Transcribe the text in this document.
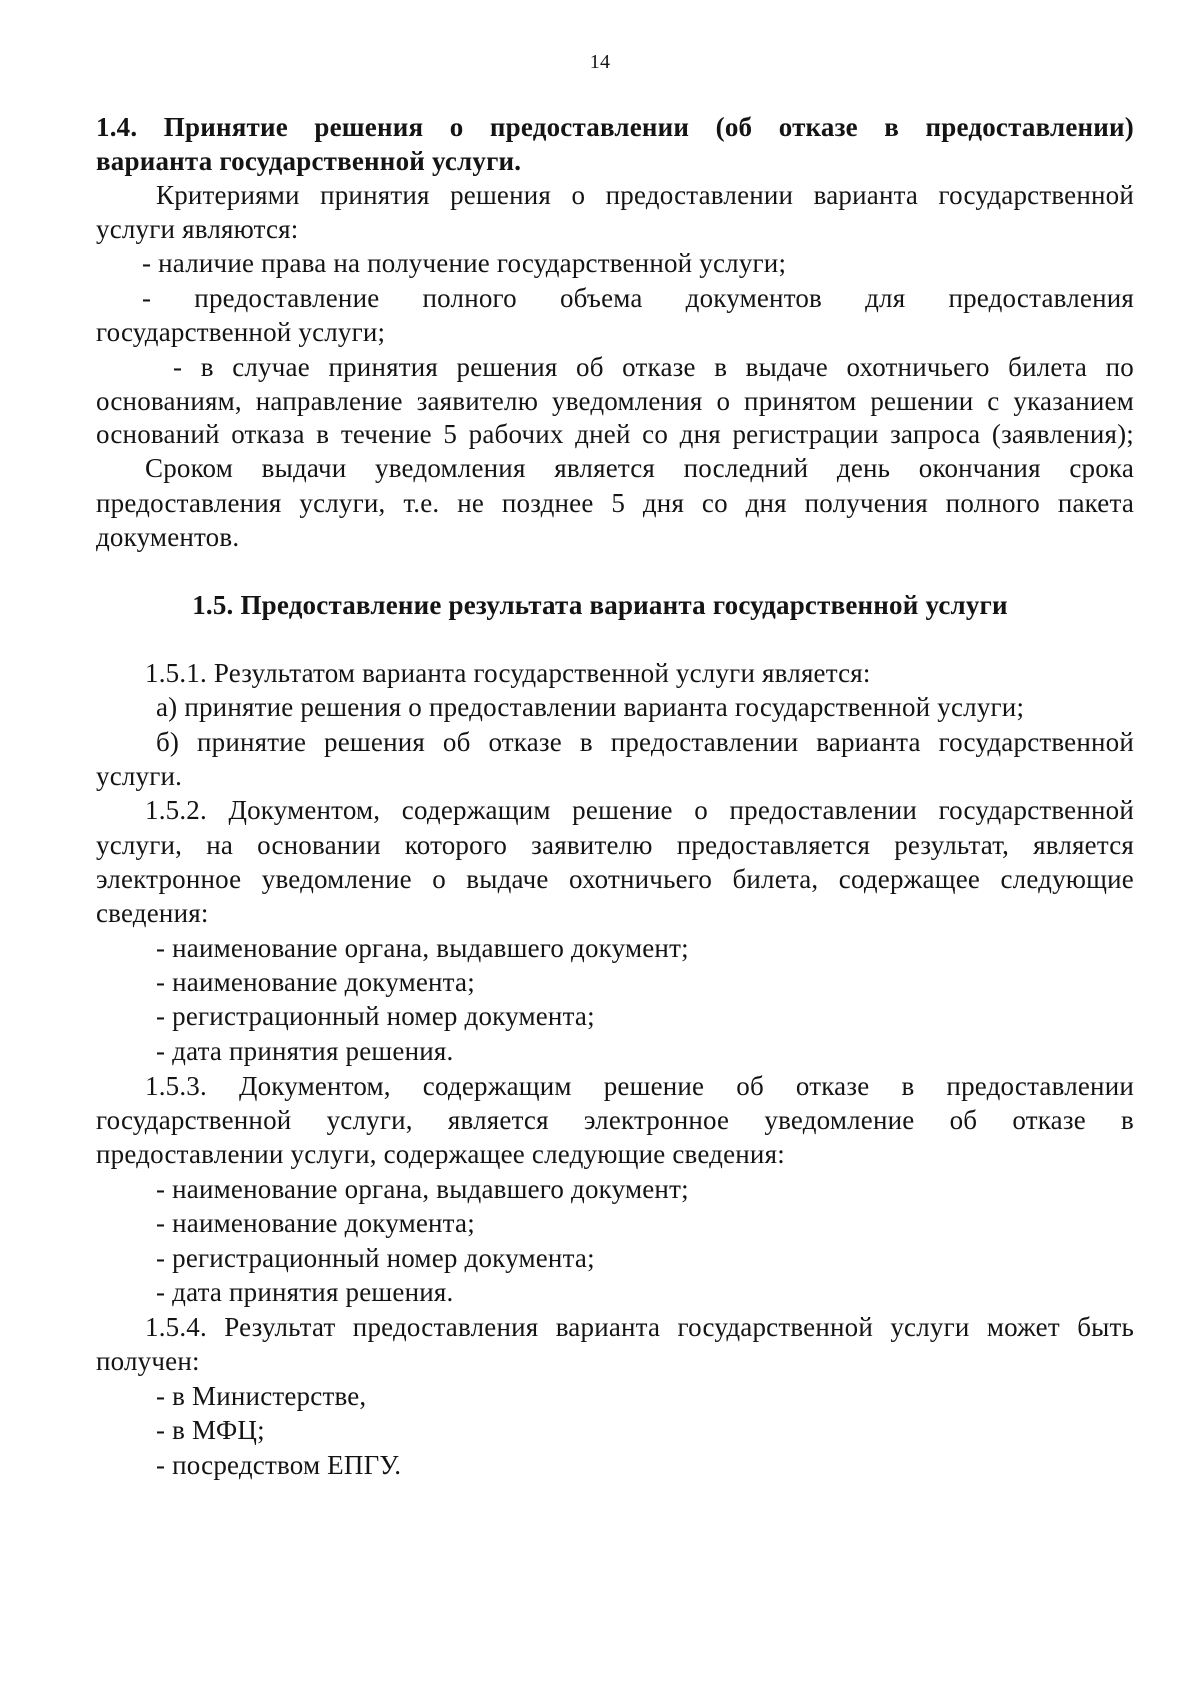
14

1.4. Принятие решения о предоставлении (об отказе в предоставлении)

варианта государственной услуги.

Критериями принятия решения о предоставлении варианта государственной

услуги являются:

- наличие права на получение государственной услуги;

- предоставление полного объема документов для предоставления

государственной услуги;

- в случае принятия решения об отказе в выдаче охотничьего билета по

основаниям, направление заявителю уведомления о принятом решении с указанием

оснований отказа в течение 5 рабочих дней со дня регистрации запроса (заявления);

Сроком выдачи уведомления является последний день окончания срока

предоставления услуги, т.е. не позднее 5 дня со дня получения полного пакета

документов.

1.5. Предоставление результата варианта государственной услуги

1.5.1. Результатом варианта государственной услуги является:

а) принятие решения о предоставлении варианта государственной услуги;

б) принятие решения об отказе в предоставлении варианта государственной

услуги.

1.5.2. Документом, содержащим решение о предоставлении государственной

услуги, на основании которого заявителю предоставляется результат, является

электронное уведомление о выдаче охотничьего билета, содержащее следующие

сведения:

- наименование органа, выдавшего документ;

- наименование документа;

- регистрационный номер документа;

- дата принятия решения.

1.5.3. Документом, содержащим решение об отказе в предоставлении

государственной услуги, является электронное уведомление об отказе в

предоставлении услуги, содержащее следующие сведения:

- наименование органа, выдавшего документ;

- наименование документа;

- регистрационный номер документа;

- дата принятия решения.

1.5.4. Результат предоставления варианта государственной услуги может быть

получен:

- в Министерстве,

- в МФЦ;

- посредством ЕПГУ.
